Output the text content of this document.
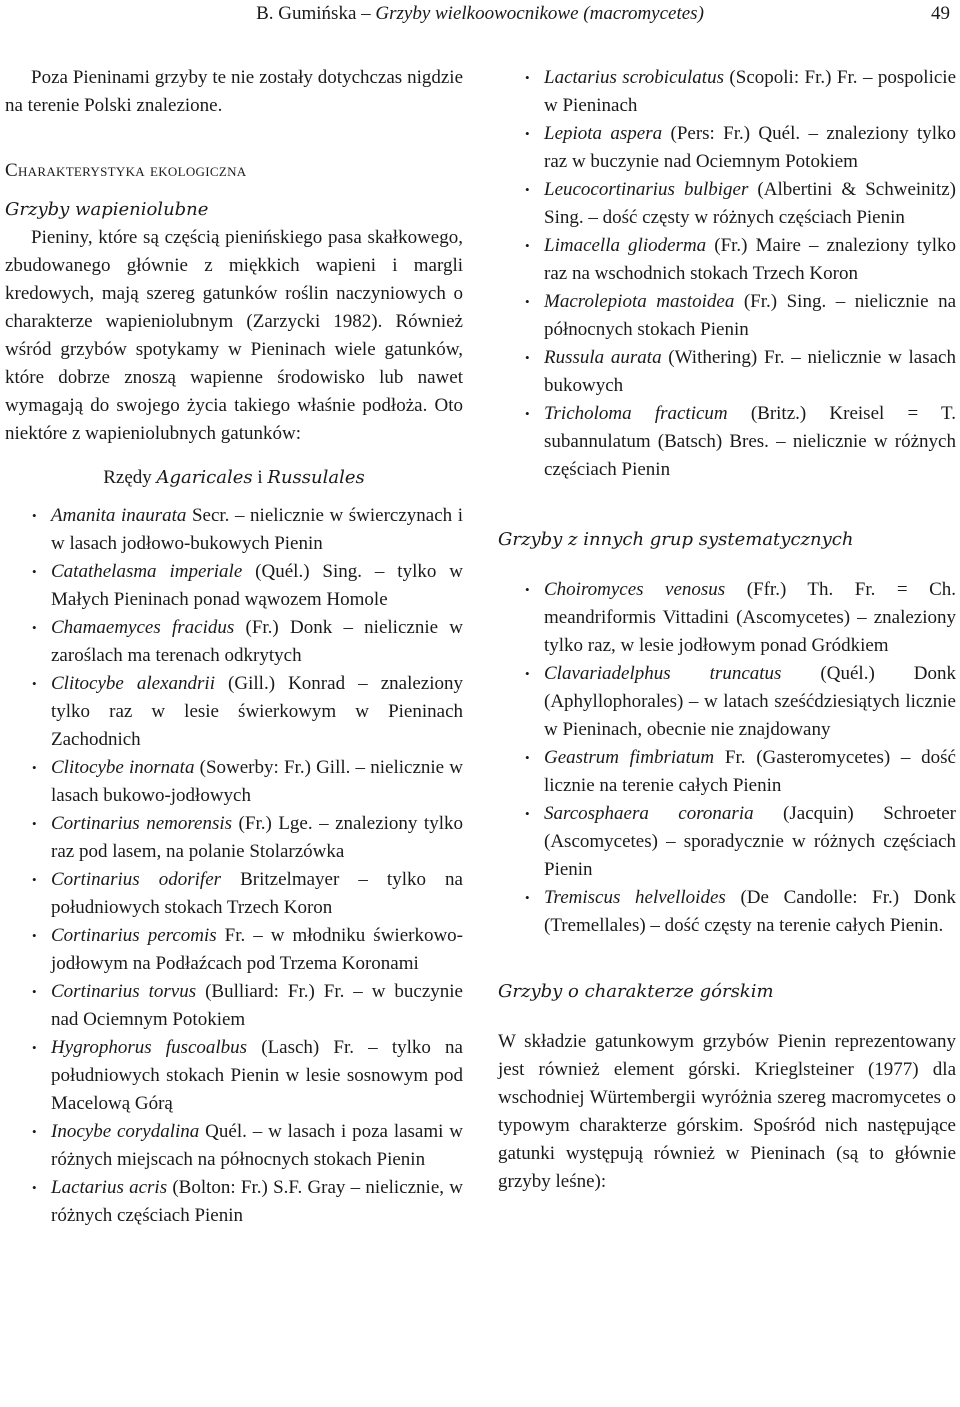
B. Gumińska – Grzyby wielkoowocnikowe (macromycetes)	49

Poza Pieninami grzyby te nie zostały dotychczas nigdzie na terenie Polski znalezione.

Charakterystyka ekologiczna

Grzyby wapieniolubne

Pieniny, które są częścią pienińskiego pasa skałkowego, zbudowanego głównie z miękkich wapieni i margli kredowych, mają szereg gatunków roślin naczyniowych o charakterze wapieniolubnym (Zarzycki 1982). Również wśród grzybów spotykamy w Pieninach wiele gatunków, które dobrze znoszą wapienne środowisko lub nawet wymagają do swojego życia takiego właśnie podłoża. Oto niektóre z wapieniolubnych gatunków:

Rzędy Agaricales i Russulales

• Amanita inaurata Secr. – nielicznie w świerczynach i w lasach jodłowo-bukowych Pienin
• Catathelasma imperiale (Quél.) Sing. – tylko w Małych Pieninach ponad wąwozem Homole
• Chamaemyces fracidus (Fr.) Donk – nielicznie w zaroślach ma terenach odkrytych
• Clitocybe alexandrii (Gill.) Konrad – znaleziony tylko raz w lesie świerkowym w Pieninach Zachodnich
• Clitocybe inornata (Sowerby: Fr.) Gill. – nielicznie w lasach bukowo-jodłowych
• Cortinarius nemorensis (Fr.) Lge. – znaleziony tylko raz pod lasem, na polanie Stolarzówka
• Cortinarius odorifer Britzelmayer – tylko na południowych stokach Trzech Koron
• Cortinarius percomis Fr. – w młodniku świerkowo-jodłowym na Podłaźcach pod Trzema Koronami
• Cortinarius torvus (Bulliard: Fr.) Fr. – w buczynie nad Ociemnym Potokiem
• Hygrophorus fuscoalbus (Lasch) Fr. – tylko na południowych stokach Pienin w lesie sosnowym pod Macelową Górą
• Inocybe corydalina Quél. – w lasach i poza lasami w różnych miejscach na północnych stokach Pienin
• Lactarius acris (Bolton: Fr.) S.F. Gray – nielicznie, w różnych częściach Pienin
• Lactarius scrobiculatus (Scopoli: Fr.) Fr. – pospolicie w Pieninach
• Lepiota aspera (Pers: Fr.) Quél. – znaleziony tylko raz w buczynie nad Ociemnym Potokiem
• Leucocortinarius bulbiger (Albertini & Schweinitz) Sing. – dość częsty w różnych częściach Pienin
• Limacella glioderma (Fr.) Maire – znaleziony tylko raz na wschodnich stokach Trzech Koron
• Macrolepiota mastoidea (Fr.) Sing. – nielicznie na północnych stokach Pienin
• Russula aurata (Withering) Fr. – nielicznie w lasach bukowych
• Tricholoma fracticum (Britz.) Kreisel = T. subannulatum (Batsch) Bres. – nielicznie w różnych częściach Pienin

Grzyby z innych grup systematycznych

• Choiromyces venosus (Ffr.) Th. Fr. = Ch. meandriformis Vittadini (Ascomycetes) – znaleziony tylko raz, w lesie jodłowym ponad Gródkiem
• Clavariadelphus truncatus (Quél.) Donk (Aphyllophorales) – w latach sześćdziesiątych licznie w Pieninach, obecnie nie znajdowany
• Geastrum fimbriatum Fr. (Gasteromycetes) – dość licznie na terenie całych Pienin
• Sarcosphaera coronaria (Jacquin) Schroeter (Ascomycetes) – sporadycznie w różnych częściach Pienin
• Tremiscus helvelloides (De Candolle: Fr.) Donk (Tremellales) – dość częsty na terenie całych Pienin.

Grzyby o charakterze górskim

W składzie gatunkowym grzybów Pienin reprezentowany jest również element górski. Krieglsteiner (1977) dla wschodniej Würtembergii wyróżnia szereg macromycetes o typowym charakterze górskim. Spośród nich następujące gatunki występują również w Pieninach (są to głównie grzyby leśne):
